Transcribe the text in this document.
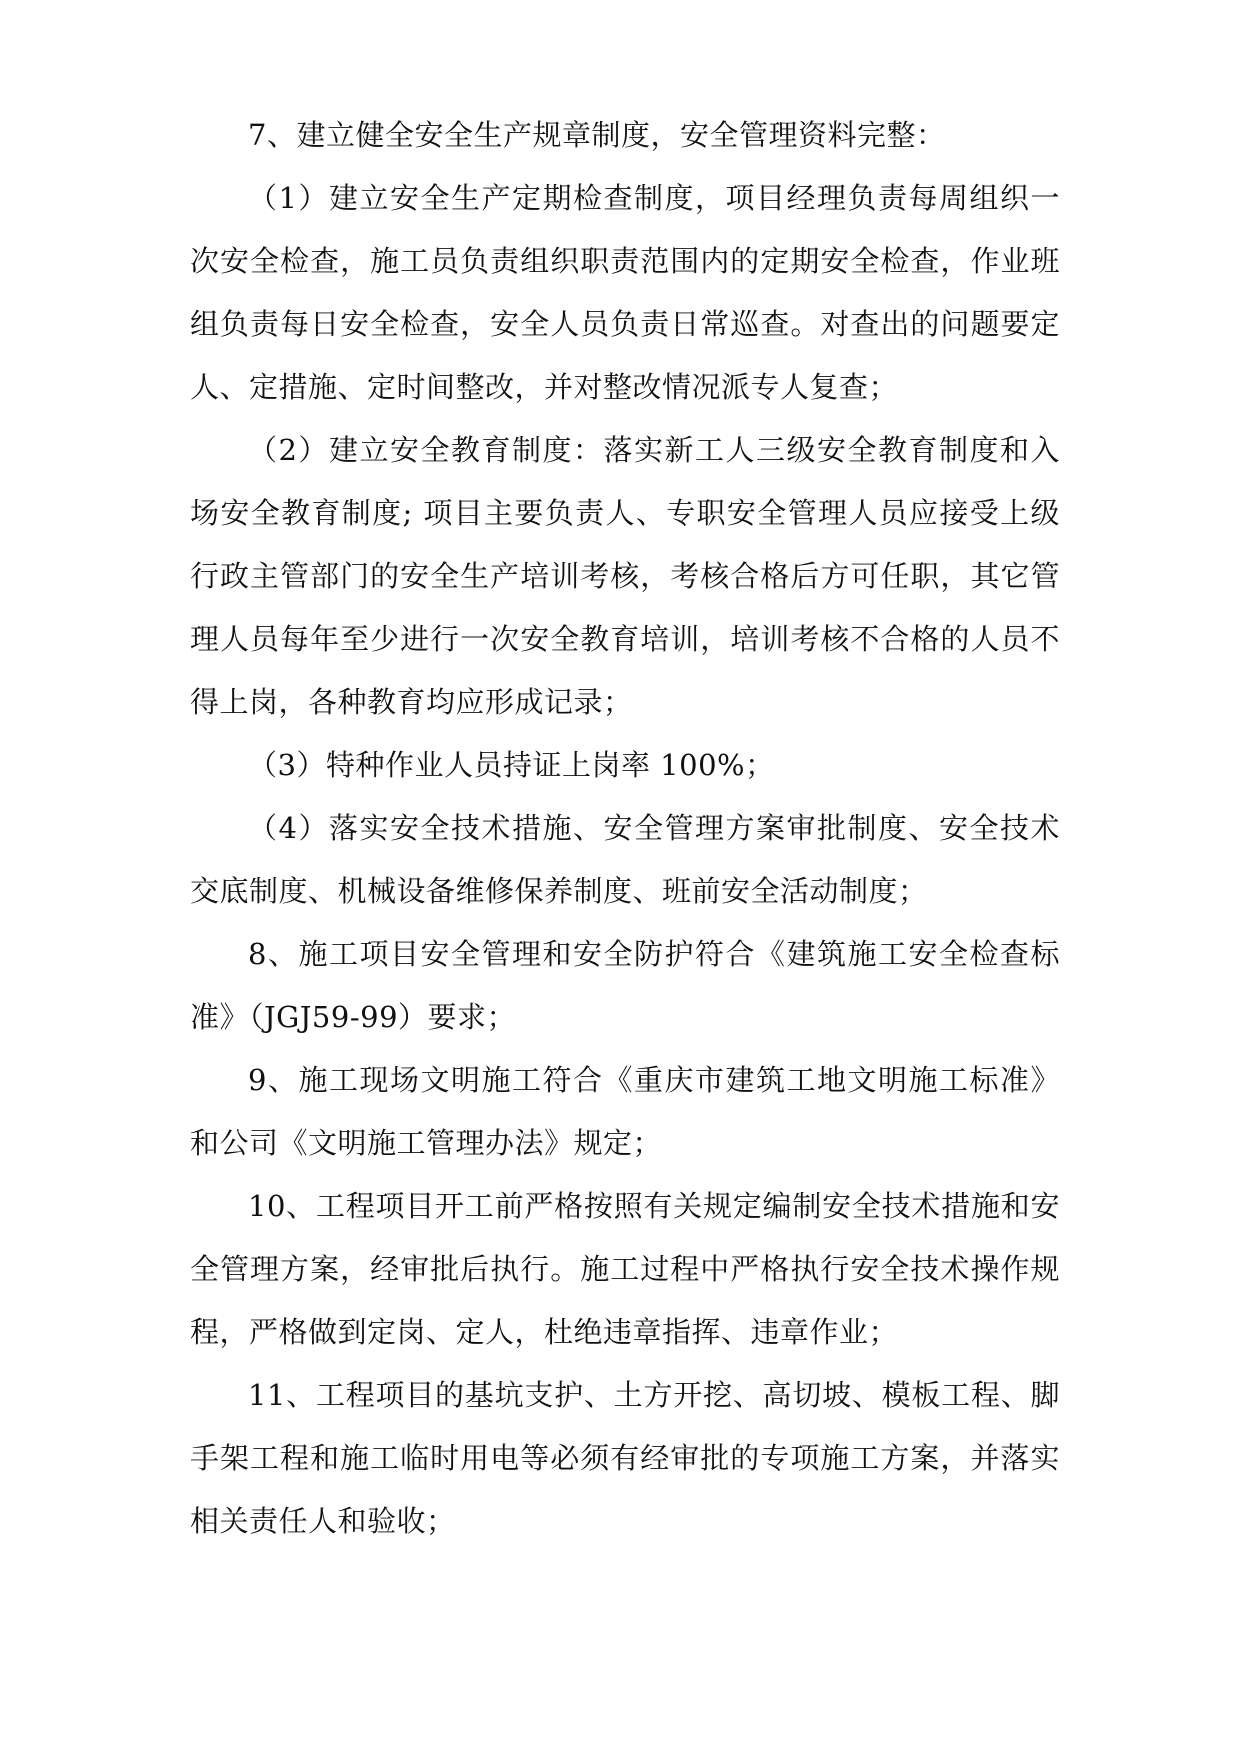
7、建立健全安全生产规章制度，安全管理资料完整：

（1）建立安全生产定期检查制度，项目经理负责每周组织一次安全检查，施工员负责组织职责范围内的定期安全检查，作业班组负责每日安全检查，安全人员负责日常巡查。对查出的问题要定人、定措施、定时间整改，并对整改情况派专人复查；

（2）建立安全教育制度：落实新工人三级安全教育制度和入场安全教育制度; 项目主要负责人、专职安全管理人员应接受上级行政主管部门的安全生产培训考核，考核合格后方可任职，其它管理人员每年至少进行一次安全教育培训，培训考核不合格的人员不得上岗，各种教育均应形成记录；

（3）特种作业人员持证上岗率 100%；

（4）落实安全技术措施、安全管理方案审批制度、安全技术交底制度、机械设备维修保养制度、班前安全活动制度；

8、施工项目安全管理和安全防护符合《建筑施工安全检查标准》（JGJ59-99）要求；

9、施工现场文明施工符合《重庆市建筑工地文明施工标准》和公司《文明施工管理办法》规定；

10、工程项目开工前严格按照有关规定编制安全技术措施和安全管理方案，经审批后执行。施工过程中严格执行安全技术操作规程，严格做到定岗、定人，杜绝违章指挥、违章作业；

11、工程项目的基坑支护、土方开挖、高切坡、模板工程、脚手架工程和施工临时用电等必须有经审批的专项施工方案，并落实相关责任人和验收；
